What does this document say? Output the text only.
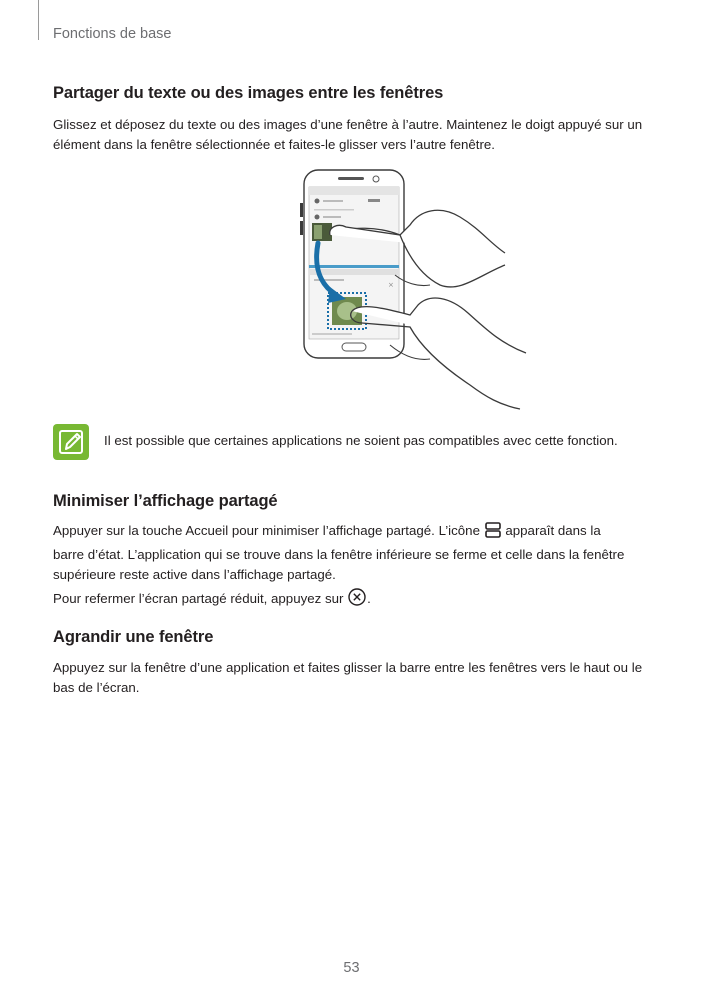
Fonctions de base
Partager du texte ou des images entre les fenêtres

Glissez et déposez du texte ou des images d’une fenêtre à l’autre. Maintenez le doigt appuyé sur un
élément dans la fenêtre sélectionnée et faites-le glisser vers l’autre fenêtre.

×
Il est possible que certaines applications ne soient pas compatibles avec cette fonction.
Minimiser l’affichage partagé

Appuyer sur la touche Accueil pour minimiser l’affichage partagé. L’icône  apparaît dans la
barre d’état. L’application qui se trouve dans la fenêtre inférieure se ferme et celle dans la fenêtre
supérieure reste active dans l’affichage partagé.

Pour refermer l’écran partagé réduit, appuyez sur .

Agrandir une fenêtre

Appuyez sur la fenêtre d’une application et faites glisser la barre entre les fenêtres vers le haut ou le
bas de l’écran.

53
